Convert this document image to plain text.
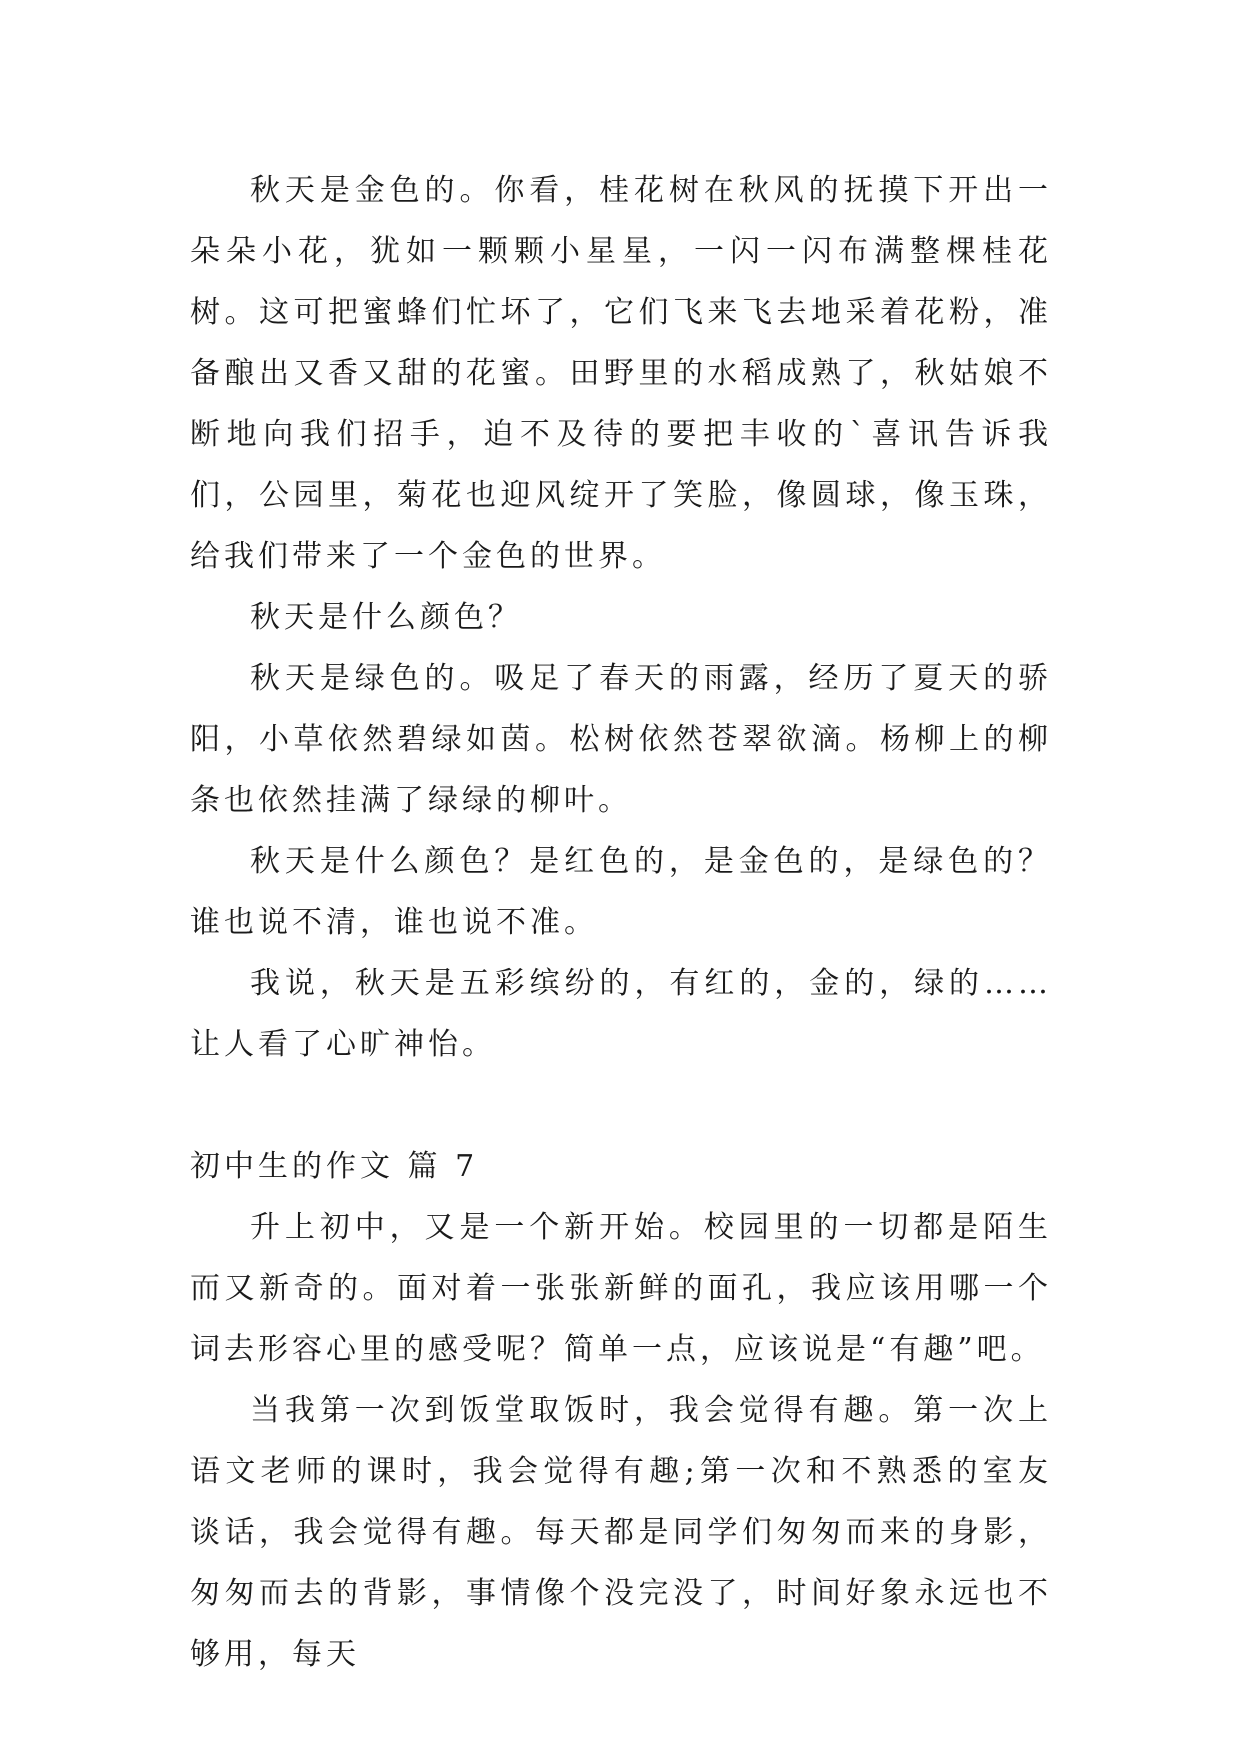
秋天是金色的。你看，桂花树在秋风的抚摸下开出一朵朵小花，犹如一颗颗小星星，一闪一闪布满整棵桂花树。这可把蜜蜂们忙坏了，它们飞来飞去地采着花粉，准备酿出又香又甜的花蜜。田野里的水稻成熟了，秋姑娘不断地向我们招手，迫不及待的要把丰收的`喜讯告诉我们，公园里，菊花也迎风绽开了笑脸，像圆球，像玉珠，给我们带来了一个金色的世界。

秋天是什么颜色？

秋天是绿色的。吸足了春天的雨露，经历了夏天的骄阳，小草依然碧绿如茵。松树依然苍翠欲滴。杨柳上的柳条也依然挂满了绿绿的柳叶。

秋天是什么颜色？是红色的，是金色的，是绿色的？谁也说不清，谁也说不准。

我说，秋天是五彩缤纷的，有红的，金的，绿的……让人看了心旷神怡。

初中生的作文 篇 7

升上初中，又是一个新开始。校园里的一切都是陌生而又新奇的。面对着一张张新鲜的面孔，我应该用哪一个词去形容心里的感受呢？简单一点，应该说是“有趣”吧。

当我第一次到饭堂取饭时，我会觉得有趣。第一次上语文老师的课时，我会觉得有趣;第一次和不熟悉的室友谈话，我会觉得有趣。每天都是同学们匆匆而来的身影，匆匆而去的背影，事情像个没完没了，时间好象永远也不够用，每天
